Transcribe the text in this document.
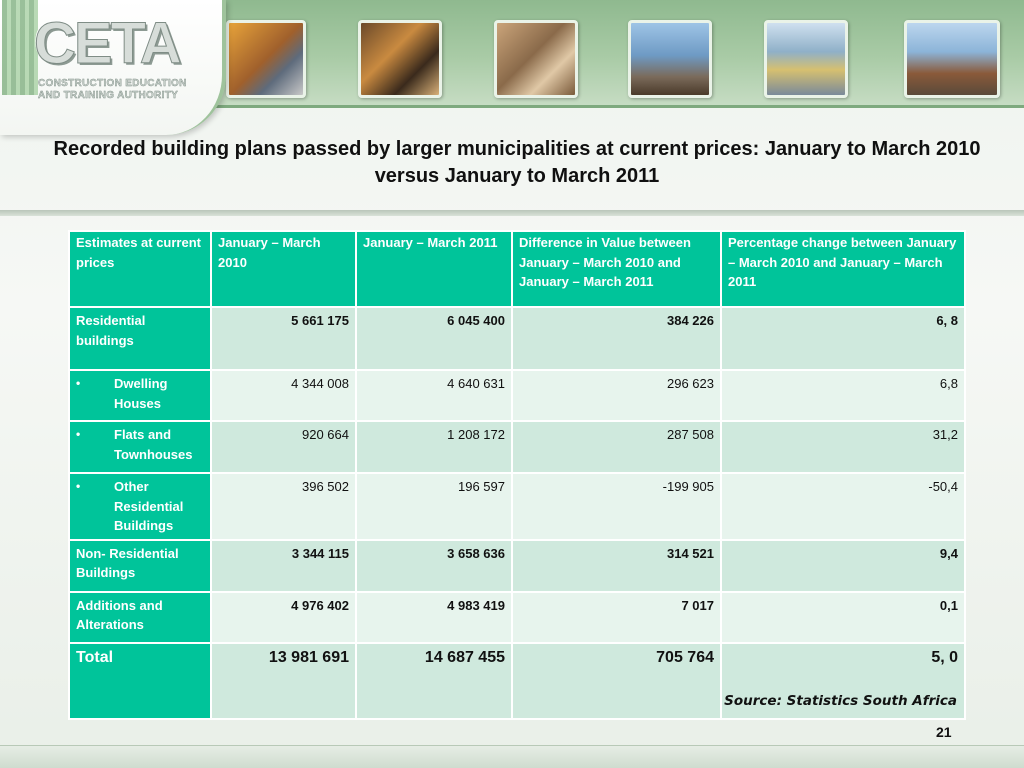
CETA
CONSTRUCTION EDUCATION
AND TRAINING AUTHORITY
Recorded building plans passed by larger municipalities at current prices: January to March 2010 versus January to March 2011
Estimates at current prices	January – March 2010	January – March 2011	Difference in Value between January – March 2010 and January – March 2011	Percentage change between January – March 2010 and January – March 2011
Residential buildings	5 661 175	6 045 400	384 226	6, 8

• Dwelling Houses	4 344 008	4 640 631	296 623	6,8

• Flats and Townhouses	920 664	1 208 172	287 508	31,2

• Other Residential Buildings	396 502	196 597	-199 905	-50,4
Non- Residential Buildings	3 344 115	3 658 636	314 521	9,4
Additions and Alterations	4 976 402	4 983 419	7 017	0,1
Total	13 981 691	14 687 455	705 764	5, 0
Source: Statistics South Africa
21
